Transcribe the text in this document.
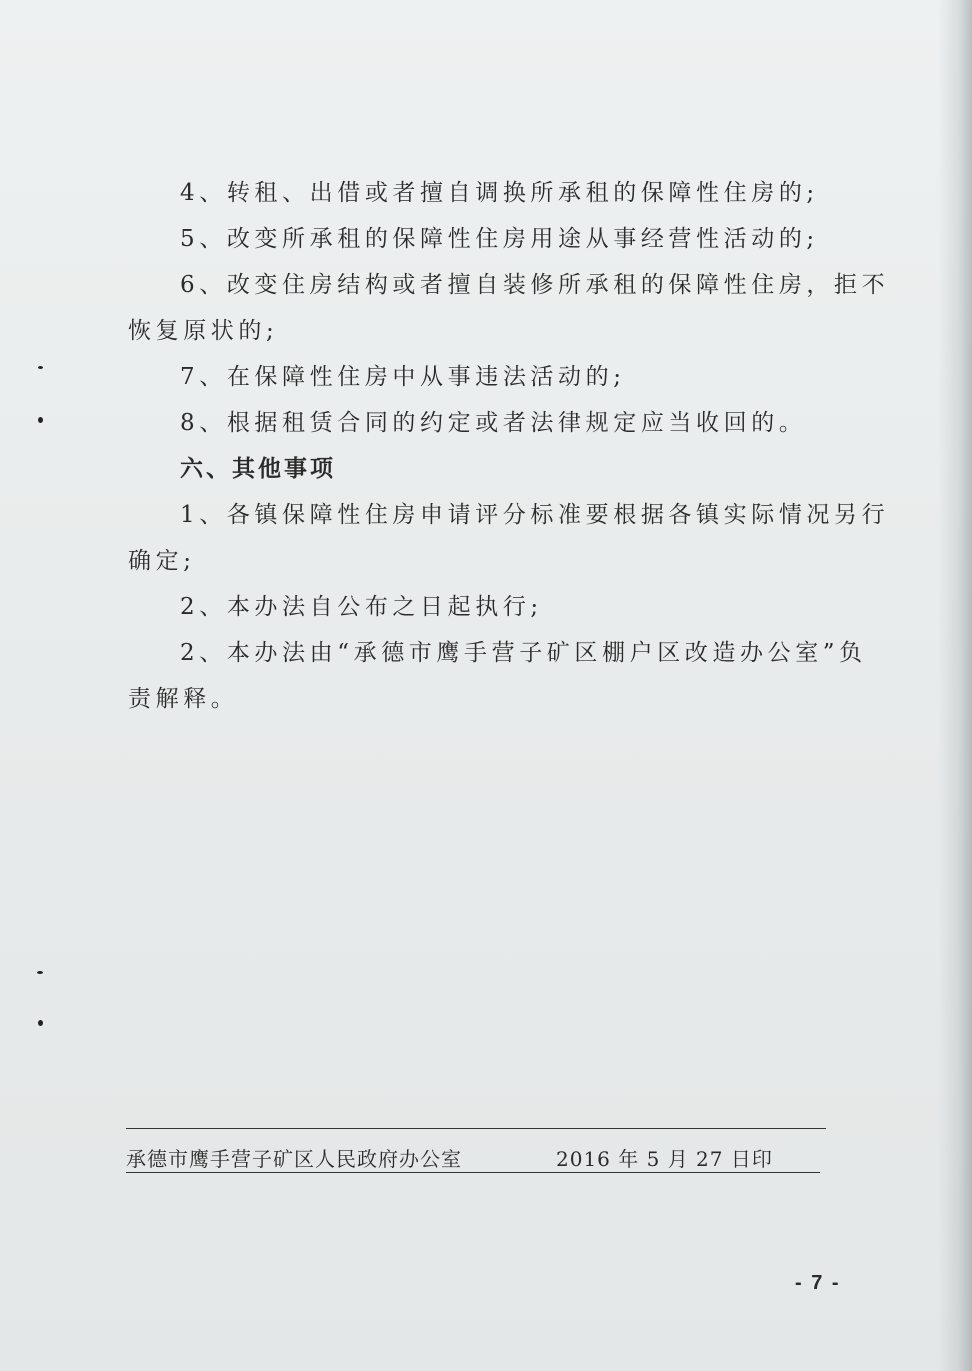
4、转租、出借或者擅自调换所承租的保障性住房的;
5、改变所承租的保障性住房用途从事经营性活动的;
6、改变住房结构或者擅自装修所承租的保障性住房，拒不
恢复原状的;
7、在保障性住房中从事违法活动的;
8、根据租赁合同的约定或者法律规定应当收回的。
六、其他事项
1、各镇保障性住房申请评分标准要根据各镇实际情况另行
确定;
2、本办法自公布之日起执行;
2、本办法由“承德市鹰手营子矿区棚户区改造办公室”负
责解释。
承德市鹰手营子矿区人民政府办公室	2016 年 5 月 27 日印
- 7 -
